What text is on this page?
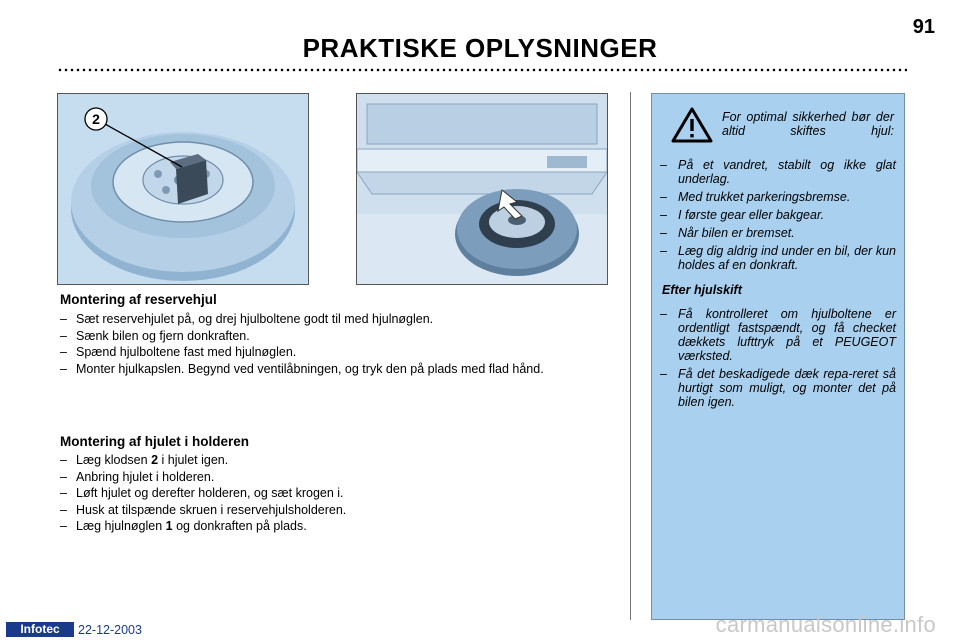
PRAKTISKE OPLYSNINGER
91
2
Montering af reservehjul
– Sæt reservehjulet på, og drej hjulboltene godt til med hjulnøglen.
– Sænk bilen og fjern donkraften.
– Spænd hjulboltene fast med hjulnøglen.
– Monter hjulkapslen. Begynd ved ventilåbningen, og tryk den på plads med flad hånd.
Montering af hjulet i holderen
– Læg klodsen 2 i hjulet igen.
– Anbring hjulet i holderen.
– Løft hjulet og derefter holderen, og sæt krogen i.
– Husk at tilspænde skruen i reservehjulsholderen.
– Læg hjulnøglen 1 og donkraften på plads.
For optimal sikkerhed bør der altid skiftes hjul:
– På et vandret, stabilt og ikke glat underlag.
– Med trukket parkeringsbremse.
– I første gear eller bakgear.
– Når bilen er bremset.
– Læg dig aldrig ind under en bil, der kun holdes af en donkraft.
Efter hjulskift
– Få kontrolleret om hjulboltene er ordentligt fastspændt, og få checket dækkets lufttryk på et PEUGEOT værksted.
– Få det beskadigede dæk repa-reret så hurtigt som muligt, og monter det på bilen igen.
Infotec	22-12-2003	carmanualsonline.info
